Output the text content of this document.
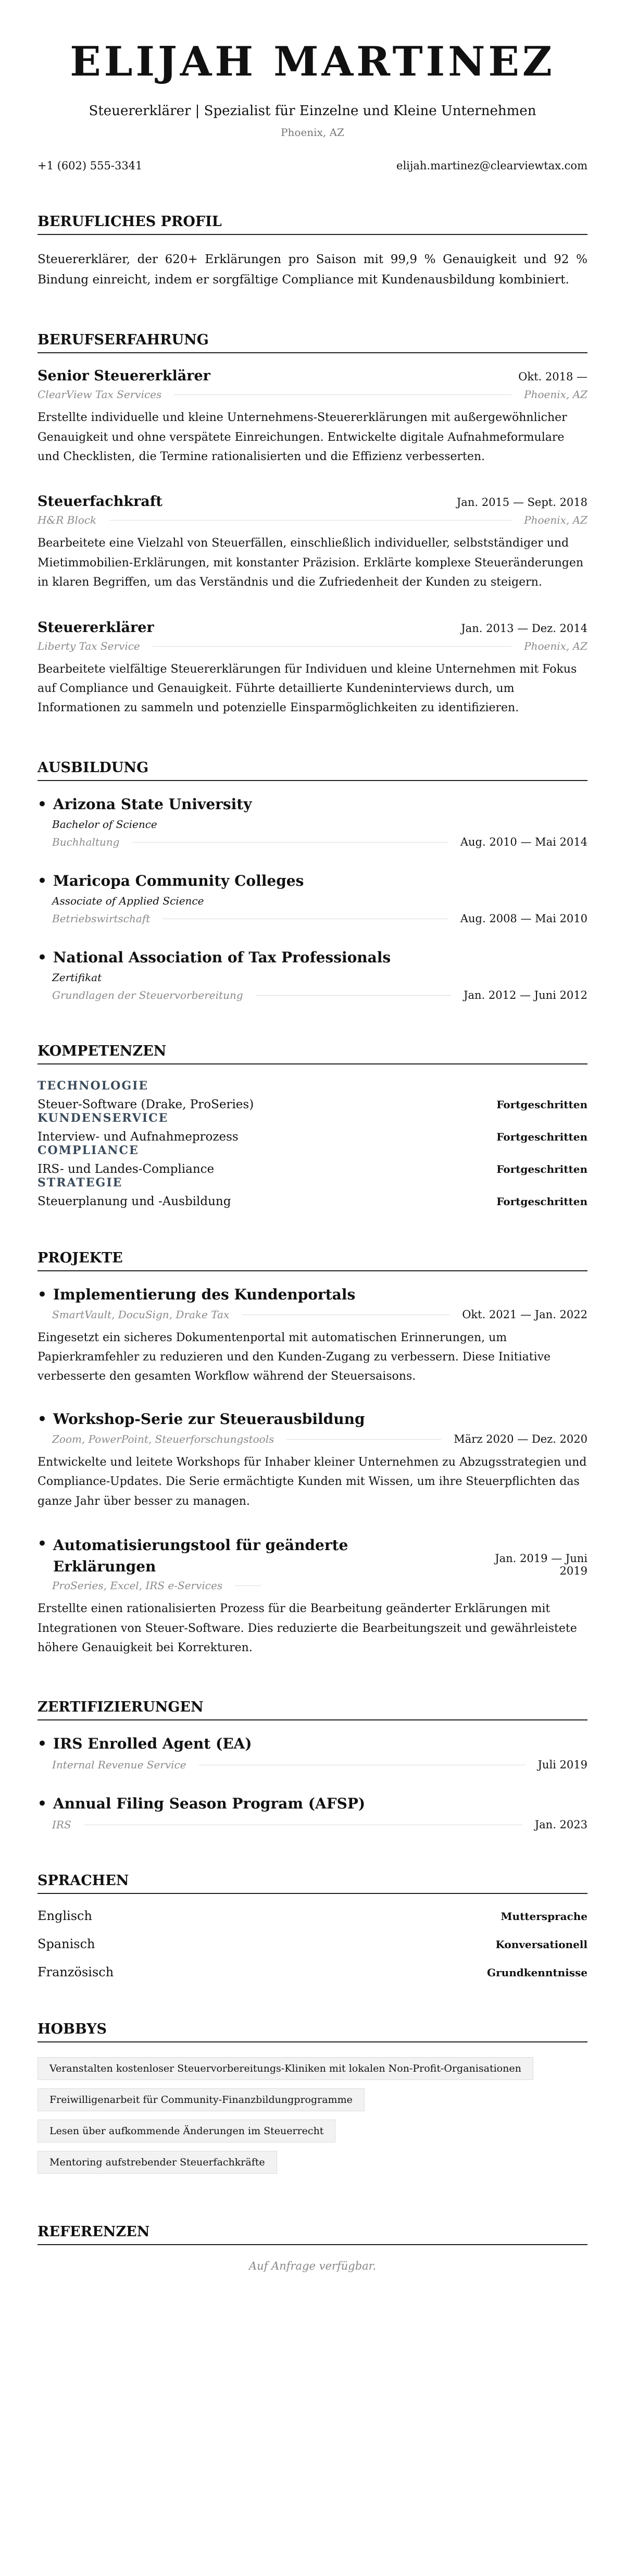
ELIJAH MARTINEZ
Steuererklärer | Spezialist für Einzelne und Kleine Unternehmen
Phoenix, AZ
+1 (602) 555-3341	elijah.martinez@clearviewtax.com
BERUFLICHES PROFIL
Steuererklärer, der 620+ Erklärungen pro Saison mit 99,9 % Genauigkeit und 92 % Bindung einreicht, indem er sorgfältige Compliance mit Kundenausbildung kombiniert.
BERUFSERFAHRUNG
Senior Steuererklärer	Okt. 2018 —
ClearView Tax Services	Phoenix, AZ
Erstellte individuelle und kleine Unternehmens-Steuererklärungen mit außergewöhnlicher Genauigkeit und ohne verspätete Einreichungen. Entwickelte digitale Aufnahmeformulare und Checklisten, die Termine rationalisierten und die Effizienz verbesserten.
Steuerfachkraft	Jan. 2015 — Sept. 2018
H&R Block	Phoenix, AZ
Bearbeitete eine Vielzahl von Steuerfällen, einschließlich individueller, selbstständiger und Mietimmobilien-Erklärungen, mit konstanter Präzision. Erklärte komplexe Steueränderungen in klaren Begriffen, um das Verständnis und die Zufriedenheit der Kunden zu steigern.
Steuererklärer	Jan. 2013 — Dez. 2014
Liberty Tax Service	Phoenix, AZ
Bearbeitete vielfältige Steuererklärungen für Individuen und kleine Unternehmen mit Fokus auf Compliance und Genauigkeit. Führte detaillierte Kundeninterviews durch, um Informationen zu sammeln und potenzielle Einsparmöglichkeiten zu identifizieren.
AUSBILDUNG
• Arizona State University
Bachelor of Science
Buchhaltung	Aug. 2010 — Mai 2014
• Maricopa Community Colleges
Associate of Applied Science
Betriebswirtschaft	Aug. 2008 — Mai 2010
• National Association of Tax Professionals
Zertifikat
Grundlagen der Steuervorbereitung	Jan. 2012 — Juni 2012
KOMPETENZEN
TECHNOLOGIE
Steuer-Software (Drake, ProSeries)	Fortgeschritten
KUNDENSERVICE
Interview- und Aufnahmeprozess	Fortgeschritten
COMPLIANCE
IRS- und Landes-Compliance	Fortgeschritten
STRATEGIE
Steuerplanung und -Ausbildung	Fortgeschritten
PROJEKTE
• Implementierung des Kundenportals
SmartVault, DocuSign, Drake Tax	Okt. 2021 — Jan. 2022
Eingesetzt ein sicheres Dokumentenportal mit automatischen Erinnerungen, um Papierkramfehler zu reduzieren und den Kunden-Zugang zu verbessern. Diese Initiative verbesserte den gesamten Workflow während der Steuersaisons.
• Workshop-Serie zur Steuerausbildung
Zoom, PowerPoint, Steuerforschungstools	März 2020 — Dez. 2020
Entwickelte und leitete Workshops für Inhaber kleiner Unternehmen zu Abzugsstrategien und Compliance-Updates. Die Serie ermächtigte Kunden mit Wissen, um ihre Steuerpflichten das ganze Jahr über besser zu managen.
• Automatisierungstool für geänderte Erklärungen	Jan. 2019 — Juni 2019
ProSeries, Excel, IRS e-Services
Erstellte einen rationalisierten Prozess für die Bearbeitung geänderter Erklärungen mit Integrationen von Steuer-Software. Dies reduzierte die Bearbeitungszeit und gewährleistete höhere Genauigkeit bei Korrekturen.
ZERTIFIZIERUNGEN
• IRS Enrolled Agent (EA)
Internal Revenue Service	Juli 2019
• Annual Filing Season Program (AFSP)
IRS	Jan. 2023
SPRACHEN
Englisch	Muttersprache
Spanisch	Konversationell
Französisch	Grundkenntnisse
HOBBYS
Veranstalten kostenloser Steuervorbereitungs-Kliniken mit lokalen Non-Profit-Organisationen
Freiwilligenarbeit für Community-Finanzbildungprogramme
Lesen über aufkommende Änderungen im Steuerrecht
Mentoring aufstrebender Steuerfachkräfte
REFERENZEN
Auf Anfrage verfügbar.
